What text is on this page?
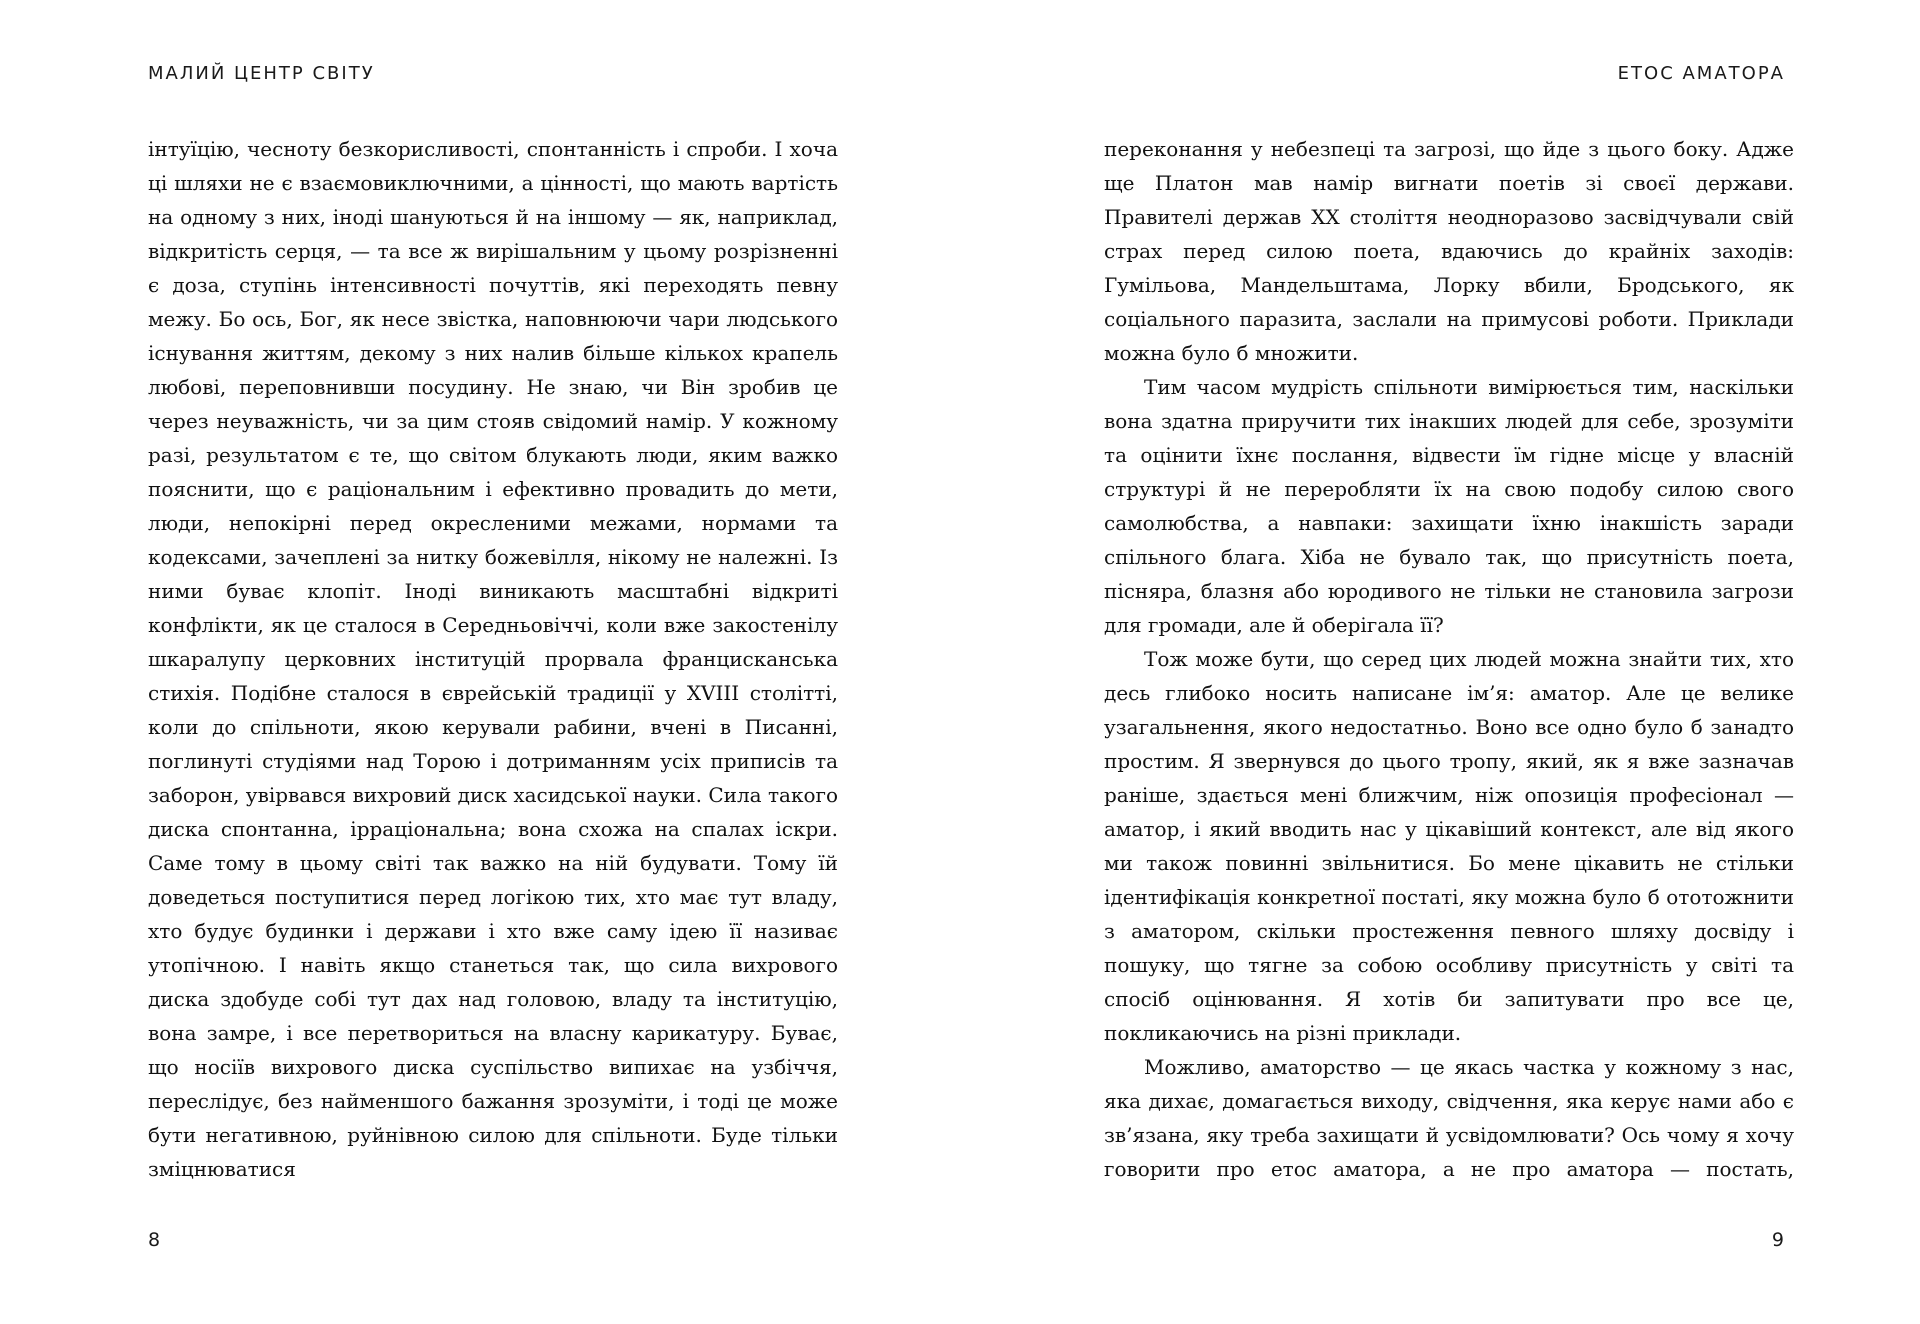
МАЛИЙ ЦЕНТР СВІТУ

інтуїцію, чесноту безкорисливості, спонтанність і спроби. І хоча ці шляхи не є взаємовиключними, а цінності, що мають вартість на одному з них, іноді шануються й на іншому — як, наприклад, відкритість серця, — та все ж вирішальним у цьому розрізненні є доза, ступінь інтенсивності почуттів, які переходять певну межу. Бо ось, Бог, як несе звістка, наповнюючи чари людського існування життям, декому з них налив більше кількох крапель любові, переповнивши посудину. Не знаю, чи Він зробив це через неуважність, чи за цим стояв свідомий намір. У кожному разі, результатом є те, що світом блукають люди, яким важко пояснити, що є раціональним і ефективно провадить до мети, люди, непокірні перед окресленими межами, нормами та кодексами, зачеплені за нитку божевілля, нікому не належні. Із ними буває клопіт. Іноді виникають масштабні відкриті конфлікти, як це сталося в Середньовіччі, коли вже закостенілу шкаралупу церковних інституцій прорвала францисканська стихія. Подібне сталося в єврейській традиції у XVIII столітті, коли до спільноти, якою керували рабини, вчені в Писанні, поглинуті студіями над Торою і дотриманням усіх приписів та заборон, увірвався вихровий диск хасидської науки. Сила такого диска спонтанна, ірраціональна; вона схожа на спалах іскри. Саме тому в цьому світі так важко на ній будувати. Тому їй доведеться поступитися перед логікою тих, хто має тут владу, хто будує будинки і держави і хто вже саму ідею її називає утопічною. І навіть якщо станеться так, що сила вихрового диска здобуде собі тут дах над головою, владу та інституцію, вона замре, і все перетвориться на власну карикатуру. Буває, що носіїв вихрового диска суспільство випихає на узбіччя, переслідує, без найменшого бажання зрозуміти, і тоді це може бути негативною, руйнівною силою для спільноти. Буде тільки зміцнюватися

8
ЕТОС АМАТОРА

переконання у небезпеці та загрозі, що йде з цього боку. Адже ще Платон мав намір вигнати поетів зі своєї держави. Правителі держав XX століття неодноразово засвідчували свій страх перед силою поета, вдаючись до крайніх заходів: Гумільова, Мандельштама, Лорку вбили, Бродського, як соціального паразита, заслали на примусові роботи. Приклади можна було б множити.

Тим часом мудрість спільноти вимірюється тим, наскільки вона здатна приручити тих інакших людей для себе, зрозуміти та оцінити їхнє послання, відвести їм гідне місце у власній структурі й не переробляти їх на свою подобу силою свого самолюбства, а навпаки: захищати їхню інакшість заради спільного блага. Хіба не бувало так, що присутність поета, пісняра, блазня або юродивого не тільки не становила загрози для громади, але й оберігала її?

Тож може бути, що серед цих людей можна знайти тих, хто десь глибоко носить написане ім’я: аматор. Але це велике узагальнення, якого недостатньо. Воно все одно було б занадто простим. Я звернувся до цього тропу, який, як я вже зазначав раніше, здається мені ближчим, ніж опозиція професіонал — аматор, і який вводить нас у цікавіший контекст, але від якого ми також повинні звільнитися. Бо мене цікавить не стільки ідентифікація конкретної постаті, яку можна було б ототожнити з аматором, скільки простеження певного шляху досвіду і пошуку, що тягне за собою особливу присутність у світі та спосіб оцінювання. Я хотів би запитувати про все це, покликаючись на різні приклади.

Можливо, аматорство — це якась частка у кожному з нас, яка дихає, домагається виходу, свідчення, яка керує нами або є зв’язана, яку треба захищати й усвідомлювати? Ось чому я хочу говорити про етос аматора, а не про аматора — постать,

9
